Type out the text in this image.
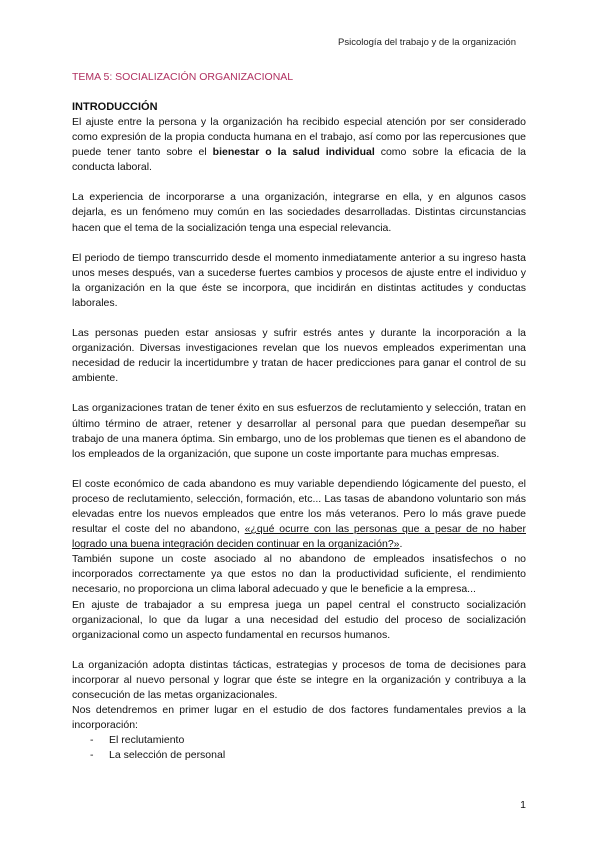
Psicología del trabajo y de la organización
TEMA 5: SOCIALIZACIÓN ORGANIZACIONAL
INTRODUCCIÓN

El ajuste entre la persona y la organización ha recibido especial atención por ser considerado como expresión de la propia conducta humana en el trabajo, así como por las repercusiones que puede tener tanto sobre el bienestar o la salud individual como sobre la eficacia de la conducta laboral.

La experiencia de incorporarse a una organización, integrarse en ella, y en algunos casos dejarla, es un fenómeno muy común en las sociedades desarrolladas. Distintas circunstancias hacen que el tema de la socialización tenga una especial relevancia.

El periodo de tiempo transcurrido desde el momento inmediatamente anterior a su ingreso hasta unos meses después, van a sucederse fuertes cambios y procesos de ajuste entre el individuo y la organización en la que éste se incorpora, que incidirán en distintas actitudes y conductas laborales.

Las personas pueden estar ansiosas y sufrir estrés antes y durante la incorporación a la organización. Diversas investigaciones revelan que los nuevos empleados experimentan una necesidad de reducir la incertidumbre y tratan de hacer predicciones para ganar el control de su ambiente.

Las organizaciones tratan de tener éxito en sus esfuerzos de reclutamiento y selección, tratan en último término de atraer, retener y desarrollar al personal para que puedan desempeñar su trabajo de una manera óptima. Sin embargo, uno de los problemas que tienen es el abandono de los empleados de la organización, que supone un coste importante para muchas empresas.

El coste económico de cada abandono es muy variable dependiendo lógicamente del puesto, el proceso de reclutamiento, selección, formación, etc... Las tasas de abandono voluntario son más elevadas entre los nuevos empleados que entre los más veteranos. Pero lo más grave puede resultar el coste del no abandono, «¿qué ocurre con las personas que a pesar de no haber logrado una buena integración deciden continuar en la organización?».

También supone un coste asociado al no abandono de empleados insatisfechos o no incorporados correctamente ya que estos no dan la productividad suficiente, el rendimiento necesario, no proporciona un clima laboral adecuado y que le beneficie a la empresa...

En ajuste de trabajador a su empresa juega un papel central el constructo socialización organizacional, lo que da lugar a una necesidad del estudio del proceso de socialización organizacional como un aspecto fundamental en recursos humanos.

La organización adopta distintas tácticas, estrategias y procesos de toma de decisiones para incorporar al nuevo personal y lograr que éste se integre en la organización y contribuya a la consecución de las metas organizacionales.

Nos detendremos en primer lugar en el estudio de dos factores fundamentales previos a la incorporación:

- El reclutamiento
- La selección de personal
1
